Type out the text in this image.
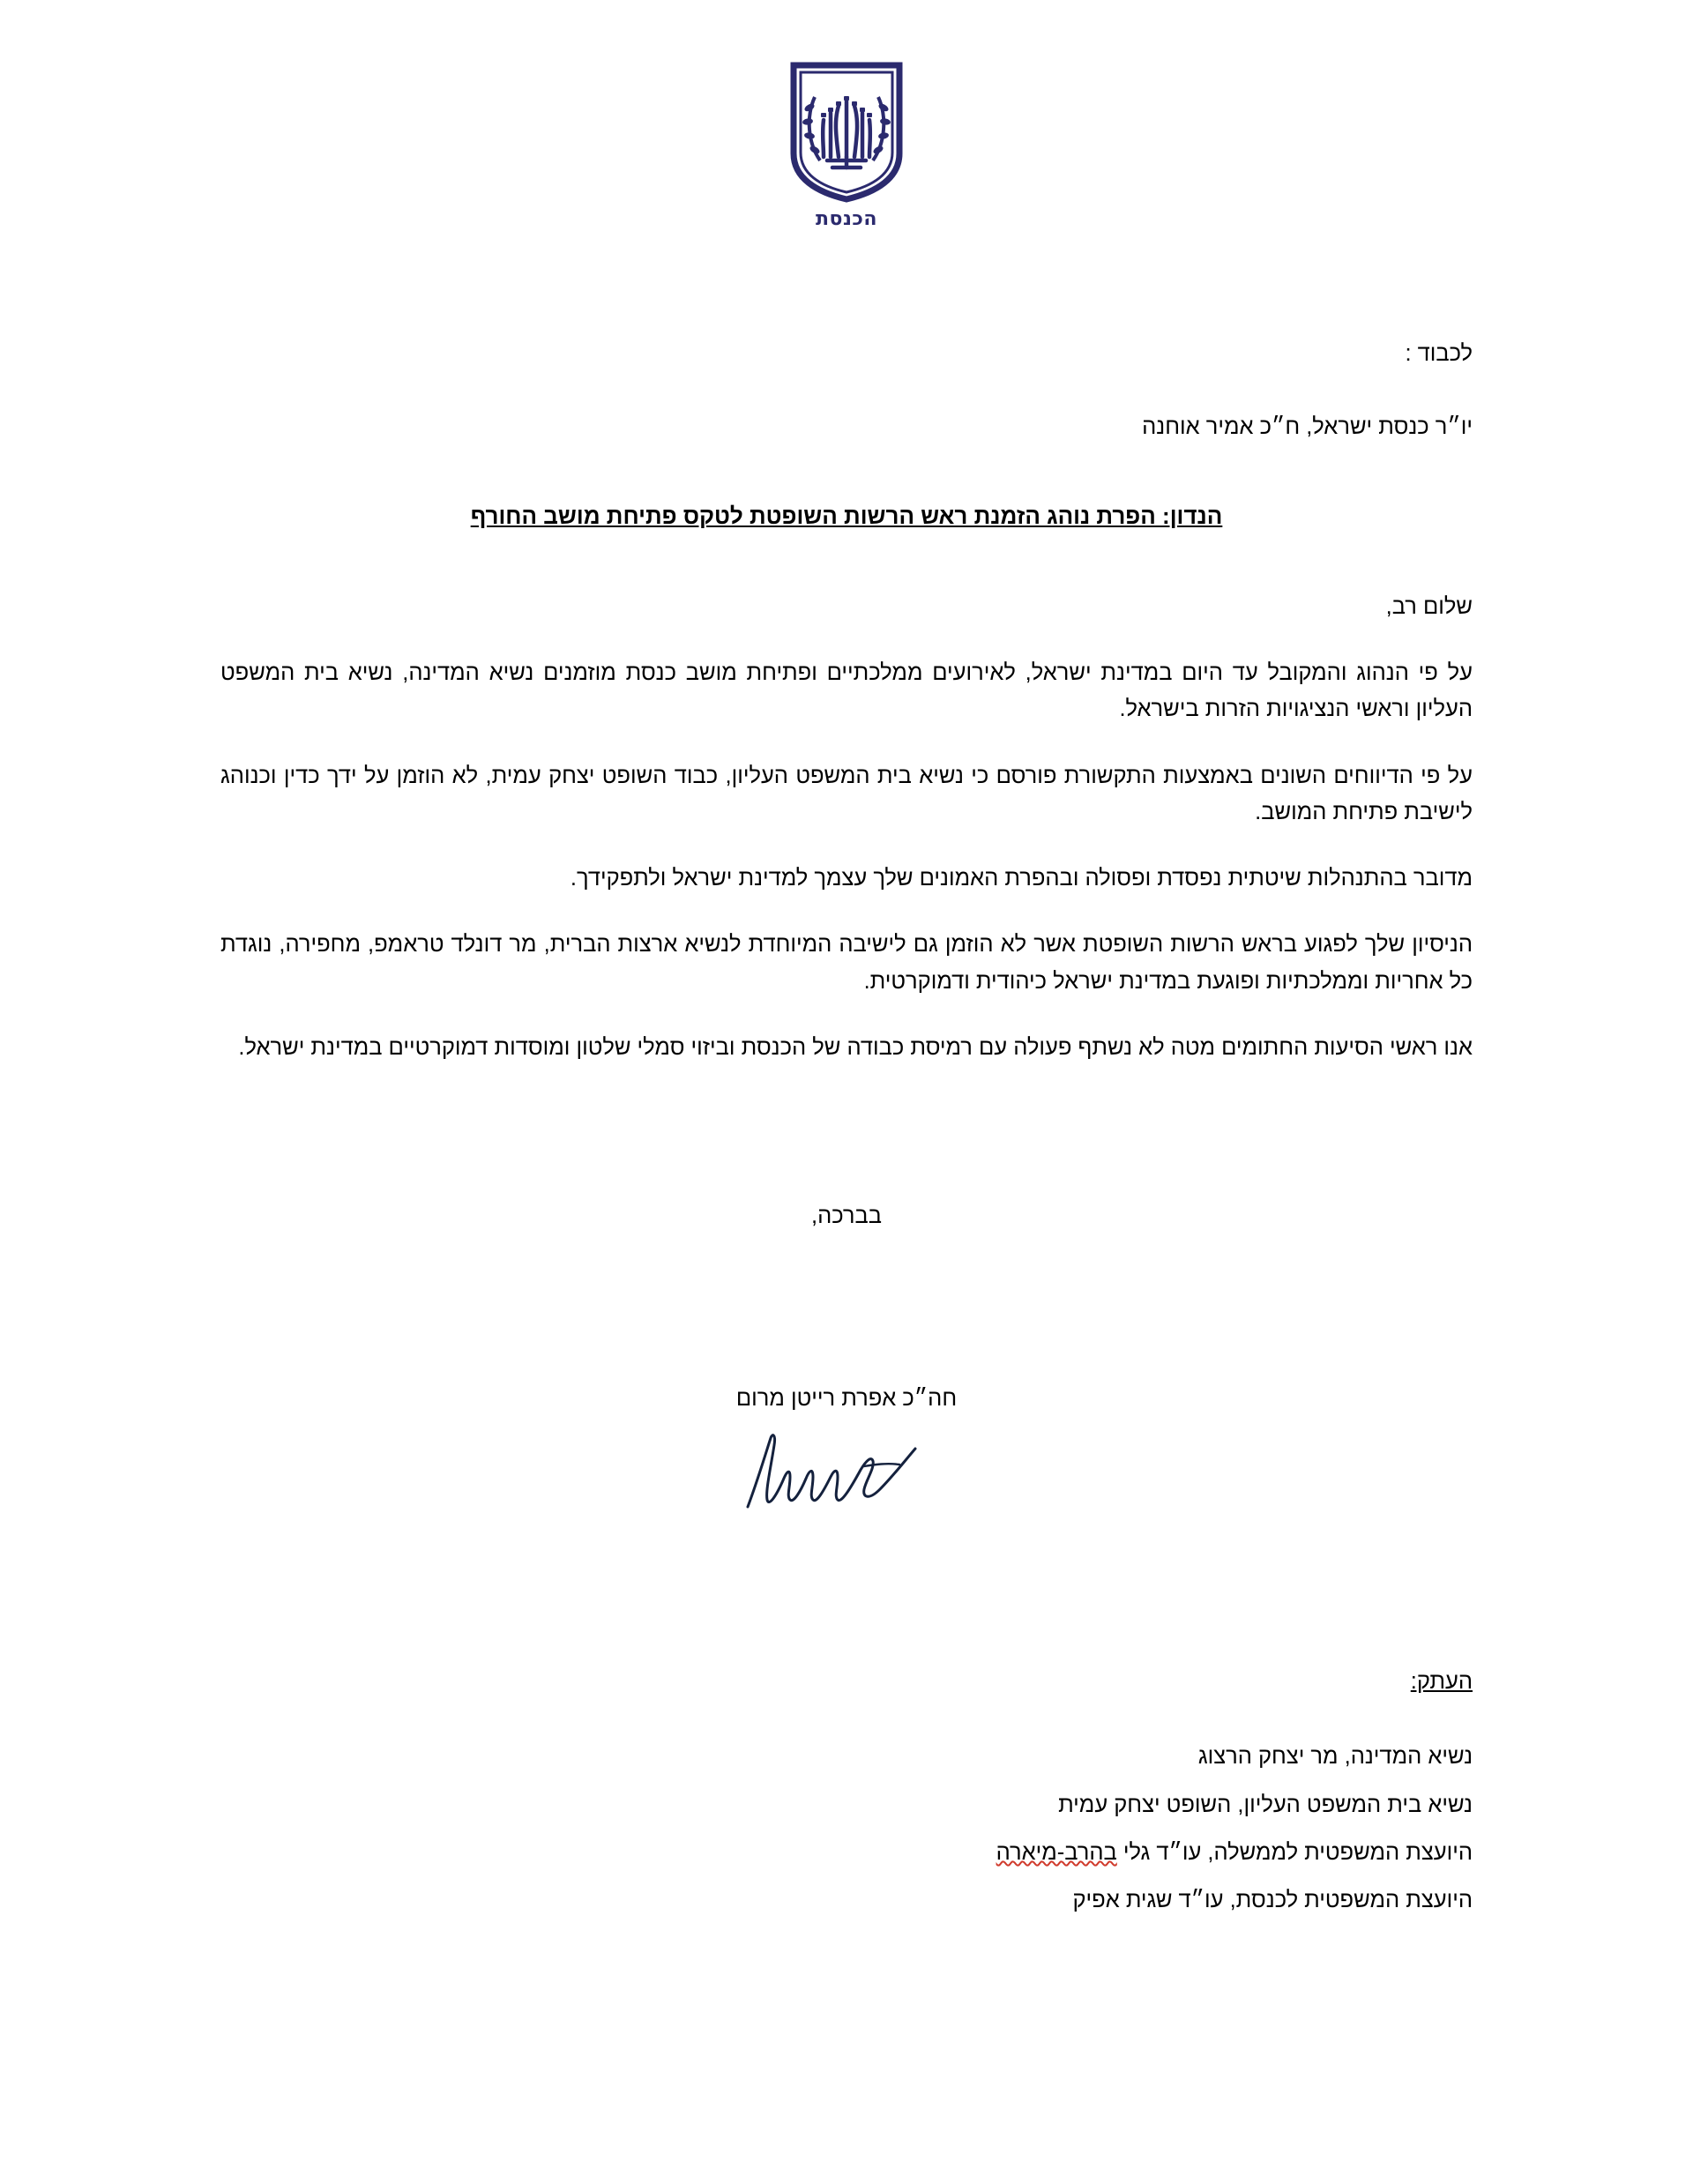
הכנסת
לכבוד :
יו״ר כנסת ישראל, ח״כ אמיר אוחנה
הנדון: הפרת נוהג הזמנת ראש הרשות השופטת לטקס פתיחת מושב החורף
שלום רב,

על פי הנהוג והמקובל עד היום במדינת ישראל, לאירועים ממלכתיים ופתיחת מושב כנסת מוזמנים נשיא המדינה, נשיא בית המשפט העליון וראשי הנציגויות הזרות בישראל.

על פי הדיווחים השונים באמצעות התקשורת פורסם כי נשיא בית המשפט העליון, כבוד השופט יצחק עמית, לא הוזמן על ידך כדין וכנוהג לישיבת פתיחת המושב.

מדובר בהתנהלות שיטתית נפסדת ופסולה ובהפרת האמונים שלך עצמך למדינת ישראל ולתפקידך.

הניסיון שלך לפגוע בראש הרשות השופטת אשר לא הוזמן גם לישיבה המיוחדת לנשיא ארצות הברית, מר דונלד טראמפ, מחפירה, נוגדת כל אחריות וממלכתיות ופוגעת במדינת ישראל כיהודית ודמוקרטית.

אנו ראשי הסיעות החתומים מטה לא נשתף פעולה עם רמיסת כבודה של הכנסת וביזוי סמלי שלטון ומוסדות דמוקרטיים במדינת ישראל.

בברכה,
חה״כ אפרת רייטן מרום
העתק:
נשיא המדינה, מר יצחק הרצוג
נשיא בית המשפט העליון, השופט יצחק עמית
היועצת המשפטית לממשלה, עו״ד גלי בהרב-מיארה
היועצת המשפטית לכנסת, עו״ד שגית אפיק
